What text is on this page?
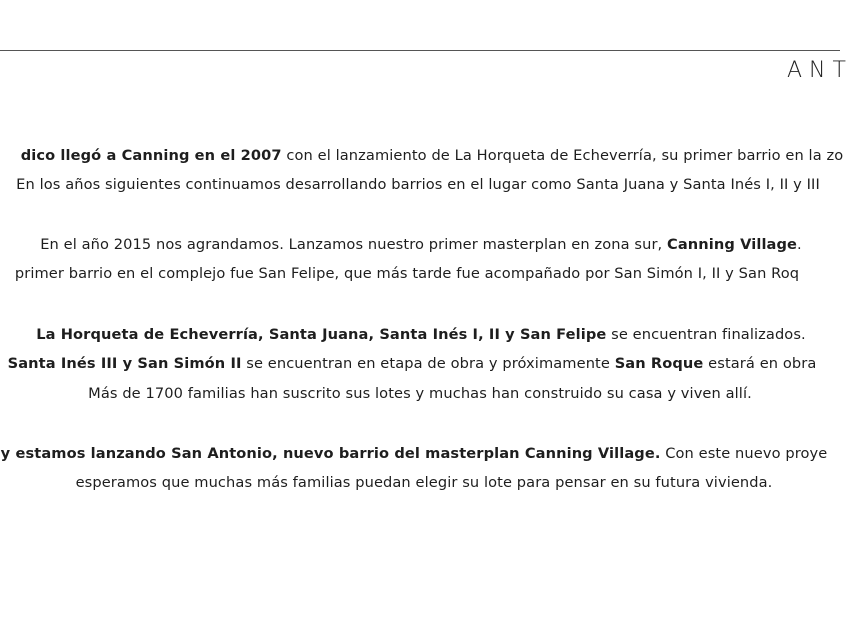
ANT
dico llegó a Canning en el 2007 con el lanzamiento de La Horqueta de Echeverría, su primer barrio en la zo
En los años siguientes continuamos desarrollando barrios en el lugar como Santa Juana y Santa Inés I, II y III
En el año 2015 nos agrandamos. Lanzamos nuestro primer masterplan en zona sur, Canning Village.
primer barrio en el complejo fue San Felipe, que más tarde fue acompañado por San Simón I, II y San Roq
La Horqueta de Echeverría, Santa Juana, Santa Inés I, II y San Felipe se encuentran finalizados.
Santa Inés III y San Simón II se encuentran en etapa de obra y próximamente San Roque estará en obra
Más de 1700 familias han suscrito sus lotes y muchas han construido su casa y viven allí.
y estamos lanzando San Antonio, nuevo barrio del masterplan Canning Village. Con este nuevo proye
esperamos que muchas más familias puedan elegir su lote para pensar en su futura vivienda.
